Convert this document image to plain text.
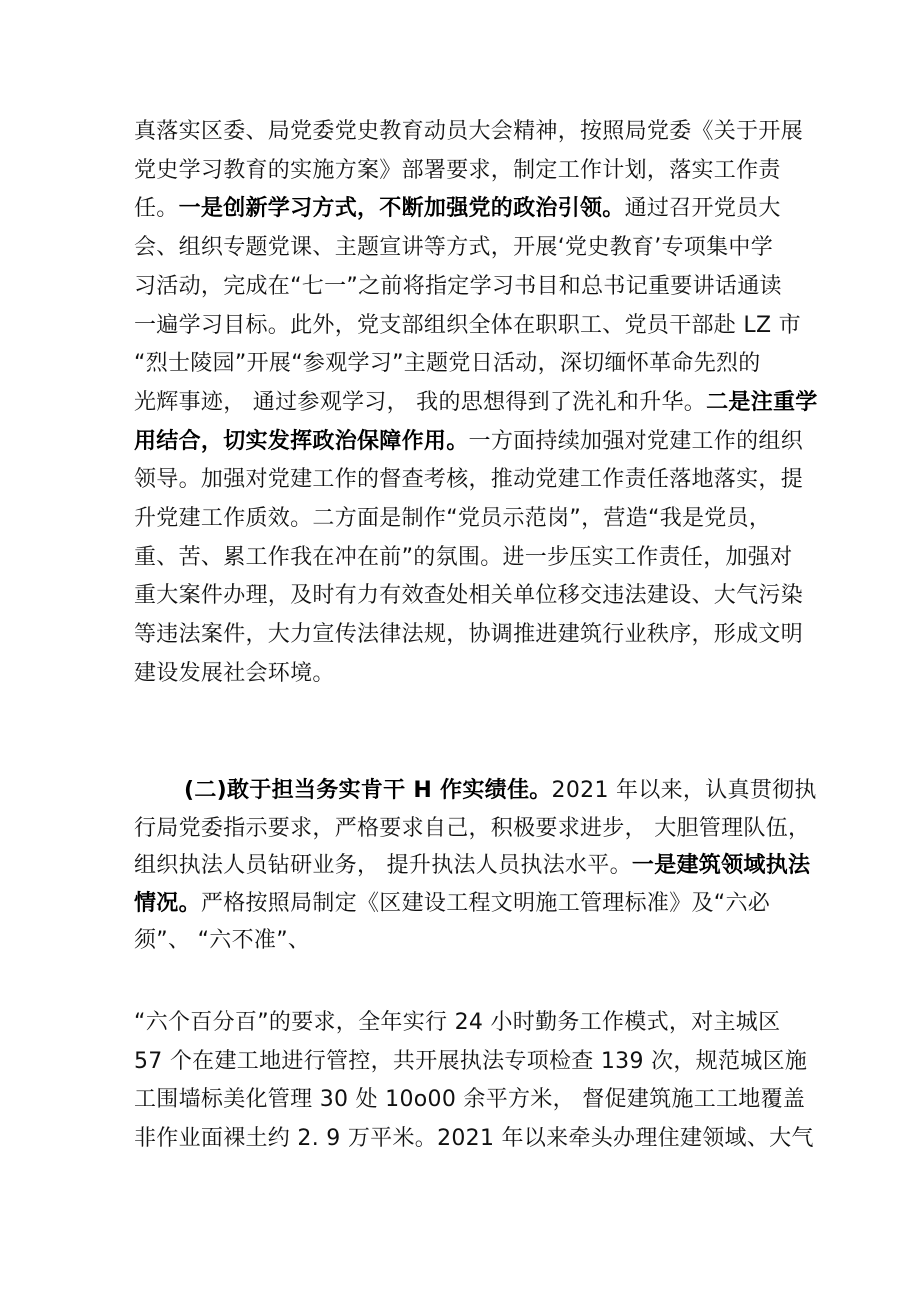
真落实区委、局党委党史教育动员大会精神，按照局党委《关于开展
党史学习教育的实施方案》部署要求，制定工作计划，落实工作责
任。一是创新学习方式，不断加强党的政治引领。通过召开党员大
会、组织专题党课、主题宣讲等方式，开展‘党史教育’专项集中学
习活动，完成在“七一”之前将指定学习书目和总书记重要讲话通读
一遍学习目标。此外，党支部组织全体在职职工、党员干部赴 LZ 市
“烈士陵园”开展“参观学习”主题党日活动，深切缅怀革命先烈的
光辉事迹， 通过参观学习， 我的思想得到了洗礼和升华。二是注重学
用结合，切实发挥政治保障作用。一方面持续加强对党建工作的组织
领导。加强对党建工作的督查考核，推动党建工作责任落地落实，提
升党建工作质效。二方面是制作“党员示范岗”，营造“我是党员，
重、苦、累工作我在冲在前”的氛围。进一步压实工作责任，加强对
重大案件办理，及时有力有效查处相关单位移交违法建设、大气污染
等违法案件，大力宣传法律法规，协调推进建筑行业秩序，形成文明
建设发展社会环境。
(二)敢于担当务实肯干 H 作实绩佳。2021 年以来，认真贯彻执
行局党委指示要求，严格要求自己，积极要求进步， 大胆管理队伍，
组织执法人员钻研业务， 提升执法人员执法水平。一是建筑领域执法
情况。严格按照局制定《区建设工程文明施工管理标准》及“六必
须”、 “六不准”、
“六个百分百”的要求，全年实行 24 小时勤务工作模式，对主城区
57 个在建工地进行管控，共开展执法专项检查 139 次，规范城区施
工围墙标美化管理 30 处 10o00 余平方米， 督促建筑施工工地覆盖
非作业面裸土约 2. 9 万平米。2021 年以来牵头办理住建领域、大气
